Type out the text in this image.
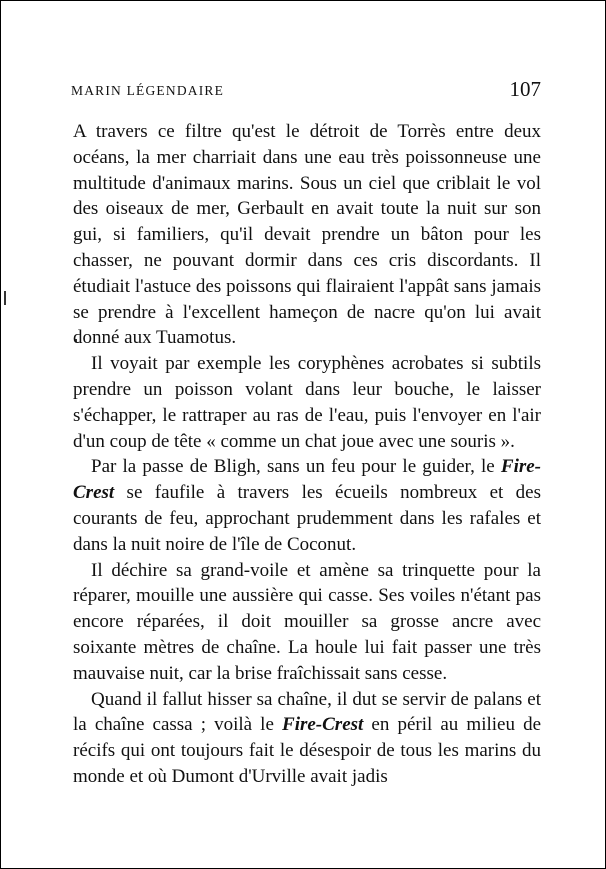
MARIN LÉGENDAIRE	107

A travers ce filtre qu'est le détroit de Torrès entre deux océans, la mer charriait dans une eau très poissonneuse une multitude d'animaux marins. Sous un ciel que criblait le vol des oiseaux de mer, Gerbault en avait toute la nuit sur son gui, si familiers, qu'il devait prendre un bâton pour les chasser, ne pouvant dormir dans ces cris discordants. Il étudiait l'astuce des poissons qui flairaient l'appât sans jamais se prendre à l'excellent hameçon de nacre qu'on lui avait donné aux Tuamotus.

Il voyait par exemple les coryphènes acrobates si subtils prendre un poisson volant dans leur bouche, le laisser s'échapper, le rattraper au ras de l'eau, puis l'envoyer en l'air d'un coup de tête « comme un chat joue avec une souris ».

Par la passe de Bligh, sans un feu pour le guider, le Fire-Crest se faufile à travers les écueils nombreux et des courants de feu, approchant prudemment dans les rafales et dans la nuit noire de l'île de Coconut.

Il déchire sa grand-voile et amène sa trinquette pour la réparer, mouille une aussière qui casse. Ses voiles n'étant pas encore réparées, il doit mouiller sa grosse ancre avec soixante mètres de chaîne. La houle lui fait passer une très mauvaise nuit, car la brise fraîchissait sans cesse.

Quand il fallut hisser sa chaîne, il dut se servir de palans et la chaîne cassa ; voilà le Fire-Crest en péril au milieu de récifs qui ont toujours fait le désespoir de tous les marins du monde et où Dumont d'Urville avait jadis
